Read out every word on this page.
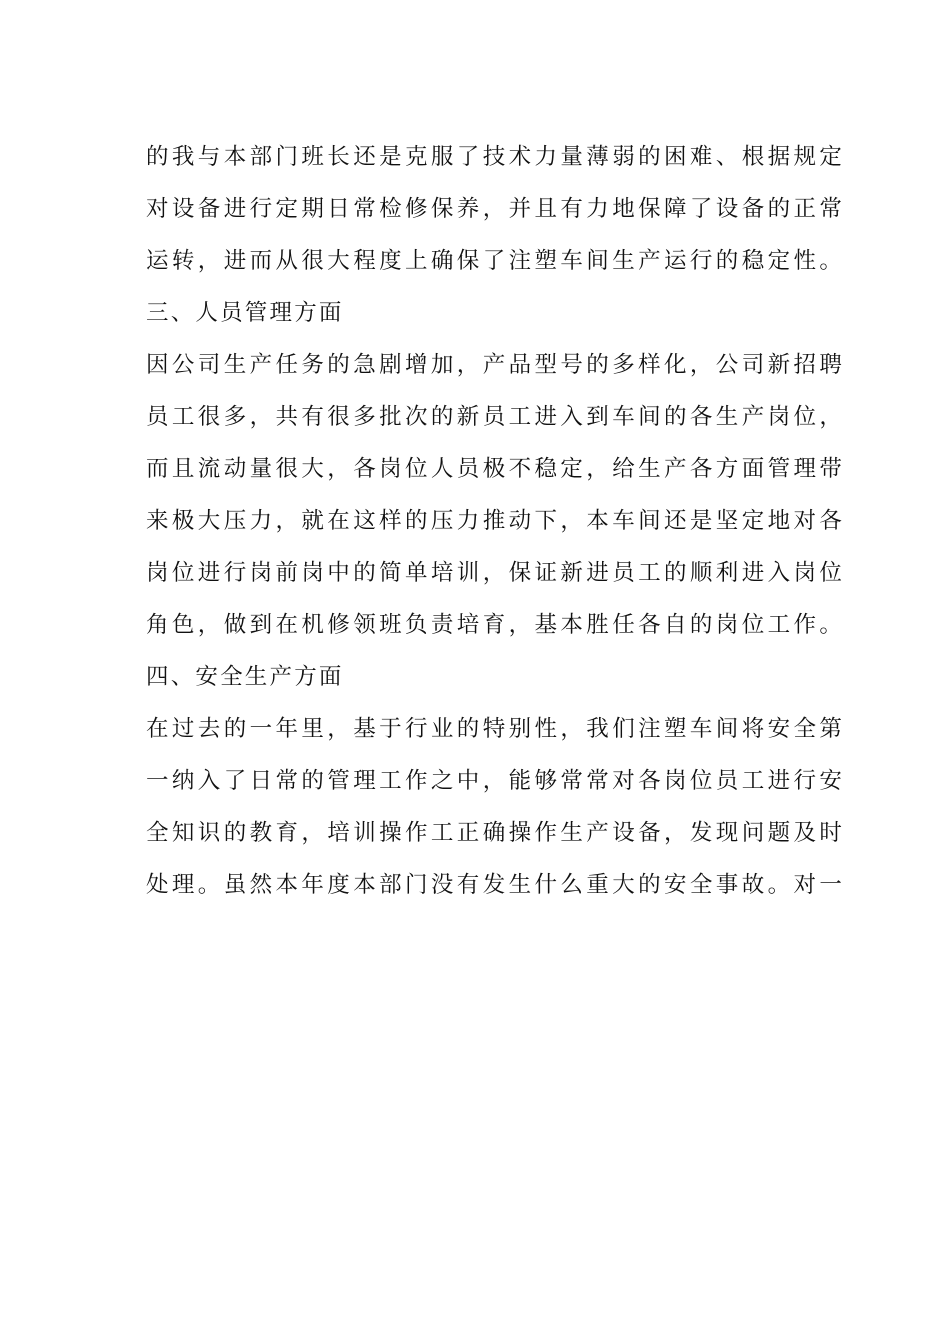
的我与本部门班长还是克服了技术力量薄弱的困难、根据规定
对设备进行定期日常检修保养，并且有力地保障了设备的正常
运转，进而从很大程度上确保了注塑车间生产运行的稳定性。
三、人员管理方面
因公司生产任务的急剧增加，产品型号的多样化，公司新招聘
员工很多，共有很多批次的新员工进入到车间的各生产岗位，
而且流动量很大，各岗位人员极不稳定，给生产各方面管理带
来极大压力，就在这样的压力推动下，本车间还是坚定地对各
岗位进行岗前岗中的简单培训，保证新进员工的顺利进入岗位
角色，做到在机修领班负责培育，基本胜任各自的岗位工作。
四、安全生产方面
在过去的一年里，基于行业的特别性，我们注塑车间将安全第
一纳入了日常的管理工作之中，能够常常对各岗位员工进行安
全知识的教育，培训操作工正确操作生产设备，发现问题及时
处理。虽然本年度本部门没有发生什么重大的安全事故。对一
